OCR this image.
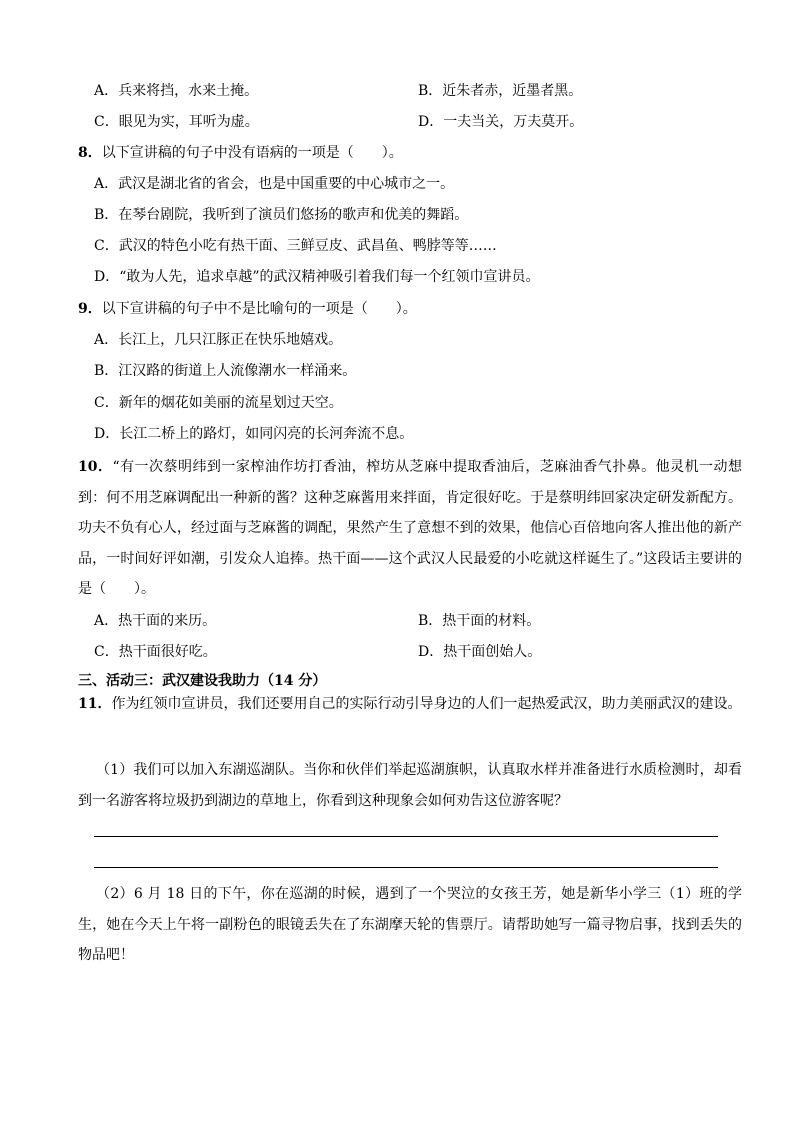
A．兵来将挡，水来土掩。	B．近朱者赤，近墨者黑。
C．眼见为实，耳听为虚。	D．一夫当关，万夫莫开。
8．以下宣讲稿的句子中没有语病的一项是（　　）。
A．武汉是湖北省的省会，也是中国重要的中心城市之一。
B．在琴台剧院，我听到了演员们悠扬的歌声和优美的舞蹈。
C．武汉的特色小吃有热干面、三鲜豆皮、武昌鱼、鸭脖等等……
D．“敢为人先，追求卓越”的武汉精神吸引着我们每一个红领巾宣讲员。
9．以下宣讲稿的句子中不是比喻句的一项是（　　）。
A．长江上，几只江豚正在快乐地嬉戏。
B．江汉路的街道上人流像潮水一样涌来。
C．新年的烟花如美丽的流星划过天空。
D．长江二桥上的路灯，如同闪亮的长河奔流不息。
10．“有一次蔡明纬到一家榨油作坊打香油，榨坊从芝麻中提取香油后，芝麻油香气扑鼻。他灵机一动想到：何不用芝麻调配出一种新的酱？这种芝麻酱用来拌面，肯定很好吃。于是蔡明纬回家决定研发新配方。功夫不负有心人，经过面与芝麻酱的调配，果然产生了意想不到的效果，他信心百倍地向客人推出他的新产品，一时间好评如潮，引发众人追捧。热干面——这个武汉人民最爱的小吃就这样诞生了。”这段话主要讲的是（　　）。
A．热干面的来历。	B．热干面的材料。
C．热干面很好吃。	D．热干面创始人。
三、活动三：武汉建设我助力（14 分）
11．作为红领巾宣讲员，我们还要用自己的实际行动引导身边的人们一起热爱武汉，助力美丽武汉的建设。
（1）我们可以加入东湖巡湖队。当你和伙伴们举起巡湖旗帜，认真取水样并准备进行水质检测时，却看到一名游客将垃圾扔到湖边的草地上，你看到这种现象会如何劝告这位游客呢？
（2）6 月 18 日的下午，你在巡湖的时候，遇到了一个哭泣的女孩王芳，她是新华小学三（1）班的学生，她在今天上午将一副粉色的眼镜丢失在了东湖摩天轮的售票厅。请帮助她写一篇寻物启事，找到丢失的物品吧！
